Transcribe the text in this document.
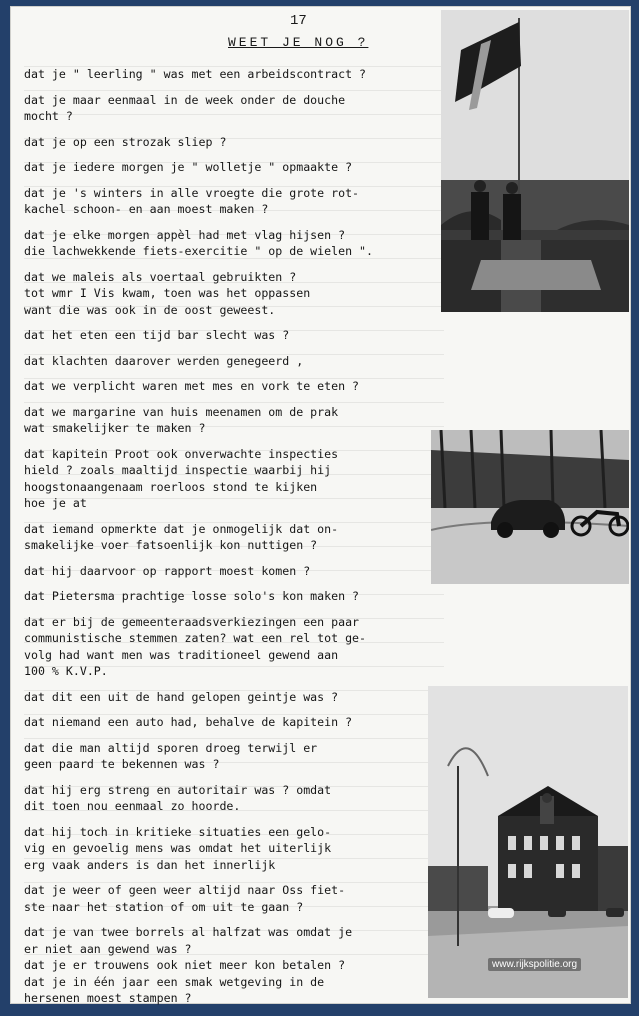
17
WEET JE NOG ?

dat je " leerling " was met een arbeidscontract ?

dat je maar eenmaal in de week onder de douche
mocht ?

dat je op een strozak sliep ?

dat je iedere morgen je " wolletje " opmaakte ?

dat je 's winters in alle vroegte die grote rot-
kachel schoon- en aan moest maken ?

dat je elke morgen appèl had met vlag hijsen ?
die lachwekkende fiets-exercitie " op de wielen ".

dat we maleis als voertaal gebruikten ?
tot wmr I Vis kwam, toen was het oppassen
want die was ook in de oost geweest.

dat het eten een tijd bar slecht was ?

dat klachten daarover werden genegeerd ,

dat we verplicht waren met mes en vork te eten ?

dat we margarine van huis meenamen om de prak
wat smakelijker te maken ?

dat kapitein Proot ook onverwachte inspecties
hield ? zoals maaltijd inspectie waarbij hij
hoogstonaangenaam roerloos stond te kijken
hoe je at

dat iemand opmerkte dat je onmogelijk dat on-
smakelijke voer fatsoenlijk kon nuttigen ?

dat hij daarvoor op rapport moest komen ?

dat Pietersma prachtige losse solo's kon maken ?

dat er bij de gemeenteraadsverkiezingen een paar
communistische stemmen zaten? wat een rel tot ge-
volg had want men was traditioneel gewend aan
100 % K.V.P.

dat dit een uit de hand gelopen geintje was ?

dat niemand een auto had, behalve de kapitein ?

dat die man altijd sporen droeg terwijl er
geen paard te bekennen was ?

dat hij erg streng en autoritair was ? omdat
dit toen nou eenmaal zo hoorde.

dat hij toch in kritieke situaties een gelo-
vig en gevoelig mens was omdat het uiterlijk
erg vaak anders is dan het innerlijk

dat je weer of geen weer altijd naar Oss fiet-
ste naar het station of om uit te gaan ?

dat je van twee borrels al halfzat was omdat je
er niet aan gewend was ?
dat je er trouwens ook niet meer kon betalen ?
dat je in één jaar een smak wetgeving in de
hersenen moest stampen ?

www.rijkspolitie.org
